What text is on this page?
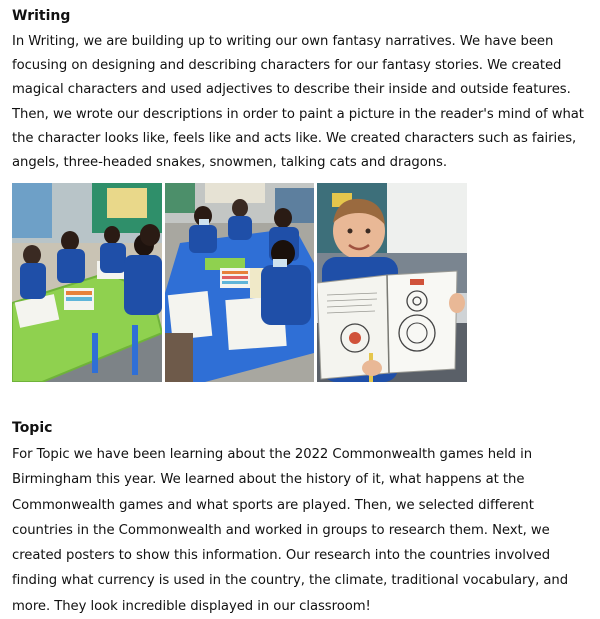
Writing

In Writing, we are building up to writing our own fantasy narratives. We have been focusing on designing and describing characters for our fantasy stories. We created magical characters and used adjectives to describe their inside and outside features. Then, we wrote our descriptions in order to paint a picture in the reader's mind of what the character looks like, feels like and acts like. We created characters such as fairies, angels, three-headed snakes, snowmen, talking cats and dragons.

Topic

For Topic we have been learning about the 2022 Commonwealth games held in Birmingham this year. We learned about the history of it, what happens at the Commonwealth games and what sports are played. Then, we selected different countries in the Commonwealth and worked in groups to research them. Next, we created posters to show this information. Our research into the countries involved finding what currency is used in the country, the climate, traditional vocabulary, and more. They look incredible displayed in our classroom!
